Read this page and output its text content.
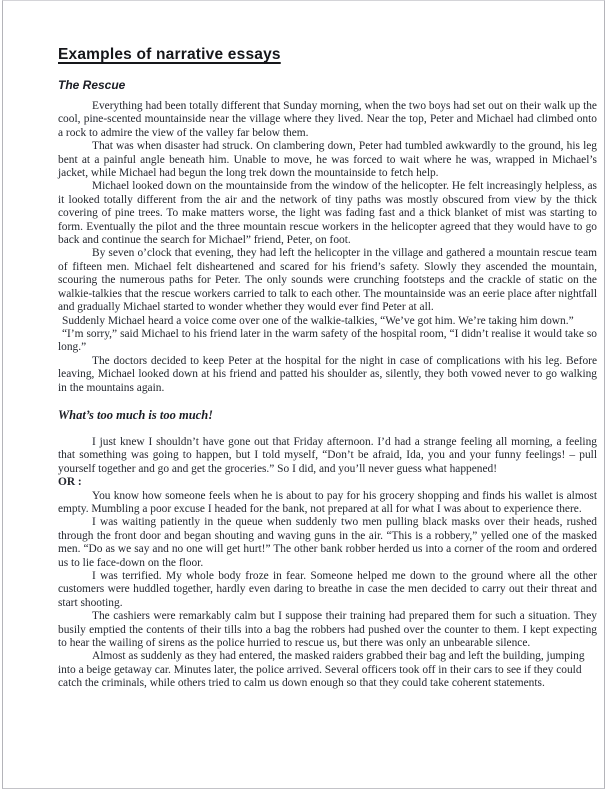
Examples of narrative essays
The Rescue

Everything had been totally different that Sunday morning, when the two boys had set out on their walk up the cool, pine-scented mountainside near the village where they lived. Near the top, Peter and Michael had climbed onto a rock to admire the view of the valley far below them.

That was when disaster had struck. On clambering down, Peter had tumbled awkwardly to the ground, his leg bent at a painful angle beneath him. Unable to move, he was forced to wait where he was, wrapped in Michael’s jacket, while Michael had begun the long trek down the mountainside to fetch help.

Michael looked down on the mountainside from the window of the helicopter. He felt increasingly helpless, as it looked totally different from the air and the network of tiny paths was mostly obscured from view by the thick covering of pine trees. To make matters worse, the light was fading fast and a thick blanket of mist was starting to form. Eventually the pilot and the three mountain rescue workers in the helicopter agreed that they would have to go back and continue the search for Michael” friend, Peter, on foot.

By seven o’clock that evening, they had left the helicopter in the village and gathered a mountain rescue team of fifteen men. Michael felt disheartened and scared for his friend’s safety. Slowly they ascended the mountain, scouring the numerous paths for Peter. The only sounds were crunching footsteps and the crackle of static on the walkie-talkies that the rescue workers carried to talk to each other. The mountainside was an eerie place after nightfall and gradually Michael started to wonder whether they would ever find Peter at all.

Suddenly Michael heard a voice come over one of the walkie-talkies, “We’ve got him. We’re taking him down.”

“I’m sorry,” said Michael to his friend later in the warm safety of the hospital room, “I didn’t realise it would take so long.”

The doctors decided to keep Peter at the hospital for the night in case of complications with his leg. Before leaving, Michael looked down at his friend and patted his shoulder as, silently, they both vowed never to go walking in the mountains again.

What’s too much is too much!

I just knew I shouldn’t have gone out that Friday afternoon. I’d had a strange feeling all morning, a feeling that something was going to happen, but I told myself, “Don’t be afraid, Ida, you and your funny feelings! – pull yourself together and go and get the groceries.” So I did, and you’ll never guess what happened!

OR :

You know how someone feels when he is about to pay for his grocery shopping and finds his wallet is almost empty. Mumbling a poor excuse I headed for the bank, not prepared at all for what I was about to experience there.

I was waiting patiently in the queue when suddenly two men pulling black masks over their heads, rushed through the front door and began shouting and waving guns in the air. “This is a robbery,” yelled one of the masked men. “Do as we say and no one will get hurt!” The other bank robber herded us into a corner of the room and ordered us to lie face-down on the floor.

I was terrified. My whole body froze in fear. Someone helped me down to the ground where all the other customers were huddled together, hardly even daring to breathe in case the men decided to carry out their threat and start shooting.

The cashiers were remarkably calm but I suppose their training had prepared them for such a situation. They busily emptied the contents of their tills into a bag the robbers had pushed over the counter to them. I kept expecting to hear the wailing of sirens as the police hurried to rescue us, but there was only an unbearable silence.

Almost as suddenly as they had entered, the masked raiders grabbed their bag and left the building, jumping into a beige getaway car. Minutes later, the police arrived. Several officers took off in their cars to see if they could catch the criminals, while others tried to calm us down enough so that they could take coherent statements.
